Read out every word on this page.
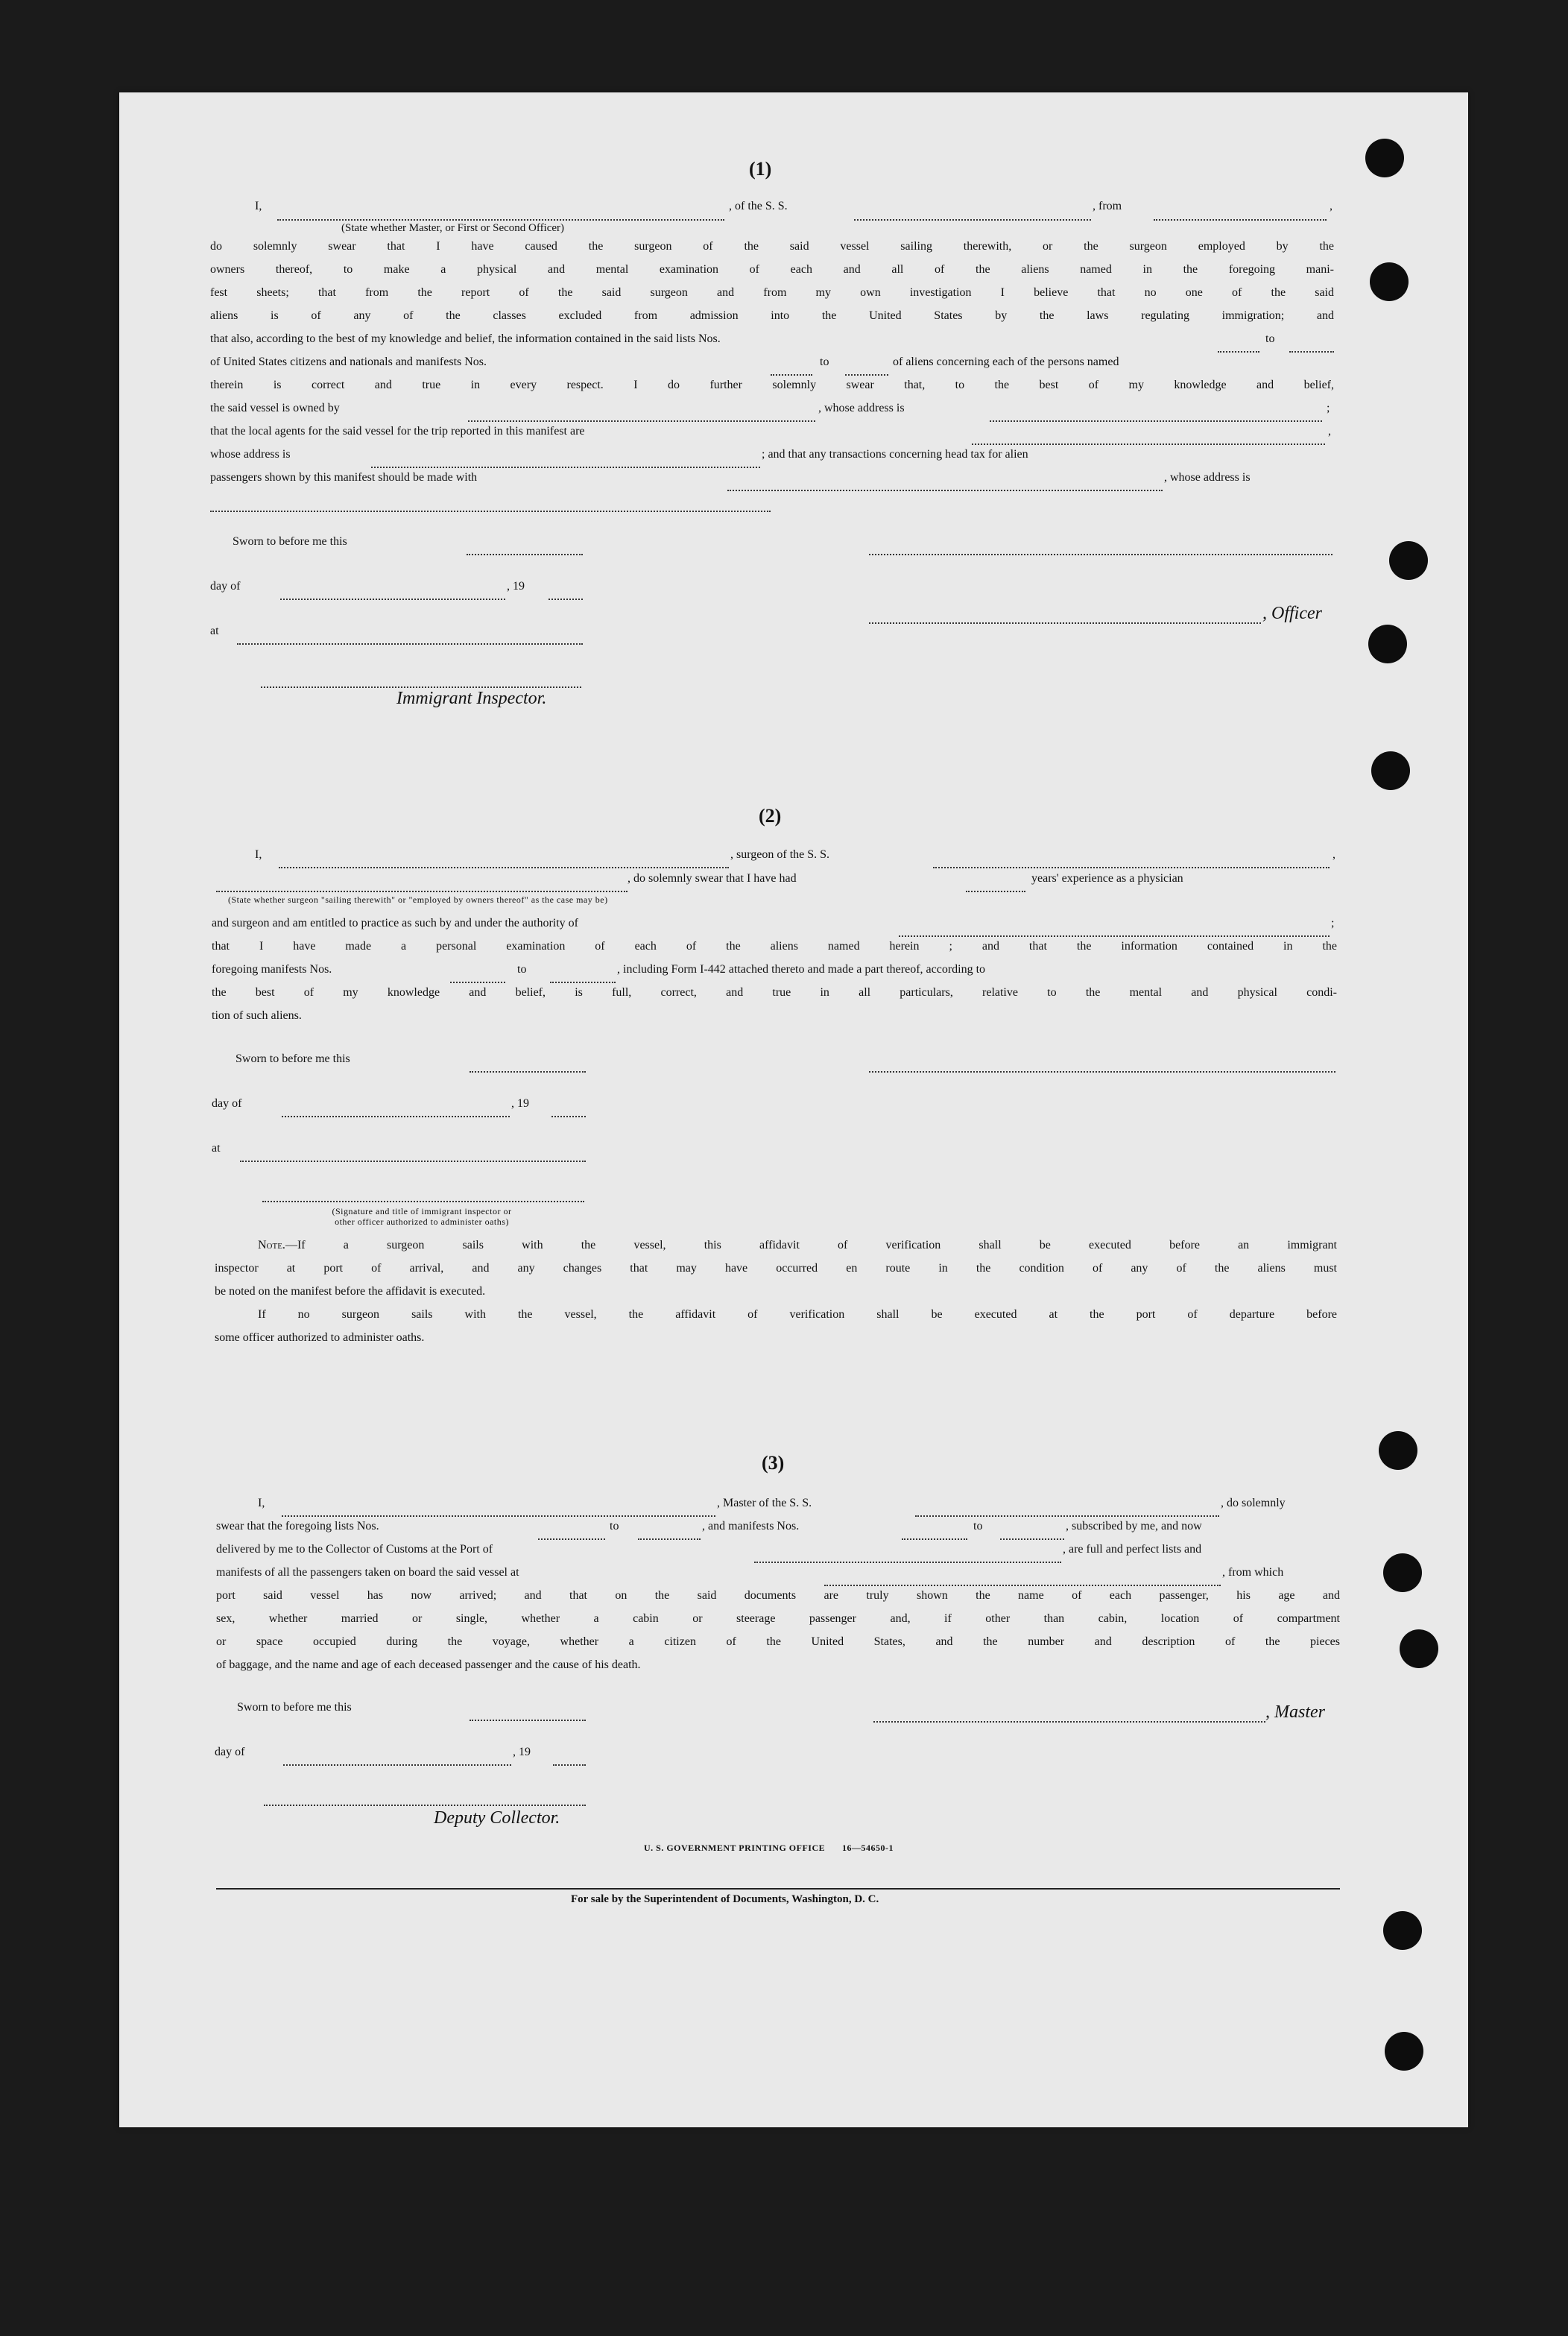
(1)
I,	, of the S. S.	, from	,
(State whether Master, or First or Second Officer)
do solemnly swear that I have caused the surgeon of the said vessel sailing therewith, or the surgeon employed by the
owners thereof, to make a physical and mental examination of each and all of the aliens named in the foregoing mani-
fest sheets; that from the report of the said surgeon and from my own investigation I believe that no one of the said
aliens is of any of the classes excluded from admission into the United States by the laws regulating immigration; and
that also, according to the best of my knowledge and belief, the information contained in the said lists Nos.	to
of United States citizens and nationals and manifests Nos.	to	of aliens concerning each of the persons named
therein is correct and true in every respect. I do further solemnly swear that, to the best of my knowledge and belief,
the said vessel is owned by	, whose address is	;
that the local agents for the said vessel for the trip reported in this manifest are	,
whose address is	; and that any transactions concerning head tax for alien
passengers shown by this manifest should be made with	, whose address is
Sworn to before me this
day of	, 19
, Officer
at
Immigrant Inspector.
(2)
I,	, surgeon of the S. S.	,
, do solemnly swear that I have had	years' experience as a physician
(State whether surgeon "sailing therewith" or "employed by owners thereof" as the case may be)
and surgeon and am entitled to practice as such by and under the authority of	;
that I have made a personal examination of each of the aliens named herein ; and that the information contained in the
foregoing manifests Nos.	to	, including Form I-442 attached thereto and made a part thereof, according to
the best of my knowledge and belief, is full, correct, and true in all particulars, relative to the mental and physical condi-
tion of such aliens.
Sworn to before me this
day of	, 19
at
(Signature and title of immigrant inspector or
other officer authorized to administer oaths)
Note.—If a surgeon sails with the vessel, this affidavit of verification shall be executed before an immigrant
inspector at port of arrival, and any changes that may have occurred en route in the condition of any of the aliens must
be noted on the manifest before the affidavit is executed.
If no surgeon sails with the vessel, the affidavit of verification shall be executed at the port of departure before
some officer authorized to administer oaths.
(3)
I,	, Master of the S. S.	, do solemnly
swear that the foregoing lists Nos.	to	, and manifests Nos.	to	, subscribed by me, and now
delivered by me to the Collector of Customs at the Port of	, are full and perfect lists and
manifests of all the passengers taken on board the said vessel at	, from which
port said vessel has now arrived; and that on the said documents are truly shown the name of each passenger, his age and
sex, whether married or single, whether a cabin or steerage passenger and, if other than cabin, location of compartment
or space occupied during the voyage, whether a citizen of the United States, and the number and description of the pieces
of baggage, and the name and age of each deceased passenger and the cause of his death.
Sworn to before me this	, Master
day of	, 19
Deputy Collector.
U. S. GOVERNMENT PRINTING OFFICE 16—54650-1
For sale by the Superintendent of Documents, Washington, D. C.
